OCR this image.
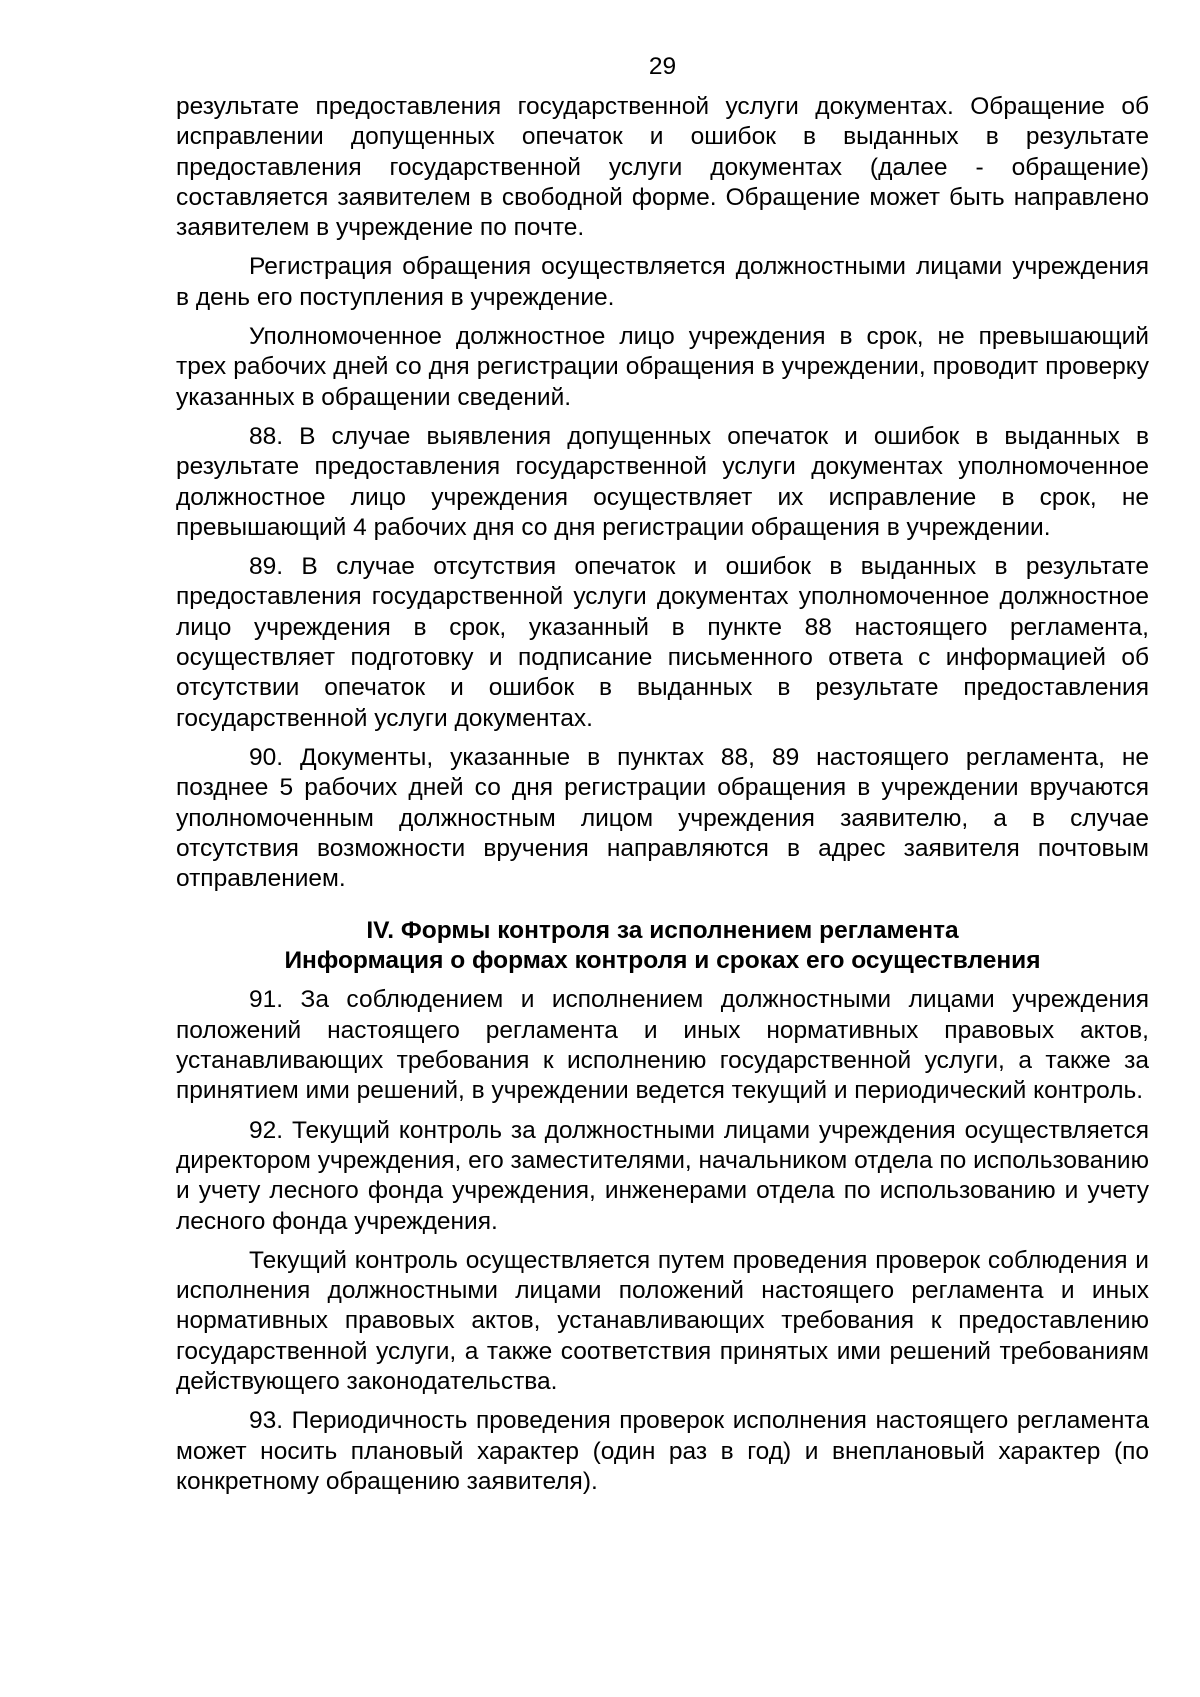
29

результате предоставления государственной услуги документах. Обращение об исправлении допущенных опечаток и ошибок в выданных в результате предоставления государственной услуги документах (далее - обращение) составляется заявителем в свободной форме. Обращение может быть направлено заявителем в учреждение по почте.

Регистрация обращения осуществляется должностными лицами учреждения в день его поступления в учреждение.

Уполномоченное должностное лицо учреждения в срок, не превышающий трех рабочих дней со дня регистрации обращения в учреждении, проводит проверку указанных в обращении сведений.

88. В случае выявления допущенных опечаток и ошибок в выданных в результате предоставления государственной услуги документах уполномоченное должностное лицо учреждения осуществляет их исправление в срок, не превышающий 4 рабочих дня со дня регистрации обращения в учреждении.

89. В случае отсутствия опечаток и ошибок в выданных в результате предоставления государственной услуги документах уполномоченное должностное лицо учреждения в срок, указанный в пункте 88 настоящего регламента, осуществляет подготовку и подписание письменного ответа с информацией об отсутствии опечаток и ошибок в выданных в результате предоставления государственной услуги документах.

90. Документы, указанные в пунктах 88, 89 настоящего регламента, не позднее 5 рабочих дней со дня регистрации обращения в учреждении вручаются уполномоченным должностным лицом учреждения заявителю, а в случае отсутствия возможности вручения направляются в адрес заявителя почтовым отправлением.

IV. Формы контроля за исполнением регламента
Информация о формах контроля и сроках его осуществления

91. За соблюдением и исполнением должностными лицами учреждения положений настоящего регламента и иных нормативных правовых актов, устанавливающих требования к исполнению государственной услуги, а также за принятием ими решений, в учреждении ведется текущий и периодический контроль.

92. Текущий контроль за должностными лицами учреждения осуществляется директором учреждения, его заместителями, начальником отдела по использованию и учету лесного фонда учреждения, инженерами отдела по использованию и учету лесного фонда учреждения.

Текущий контроль осуществляется путем проведения проверок соблюдения и исполнения должностными лицами положений настоящего регламента и иных нормативных правовых актов, устанавливающих требования к предоставлению государственной услуги, а также соответствия принятых ими решений требованиям действующего законодательства.

93. Периодичность проведения проверок исполнения настоящего регламента может носить плановый характер (один раз в год) и внеплановый характер (по конкретному обращению заявителя).
